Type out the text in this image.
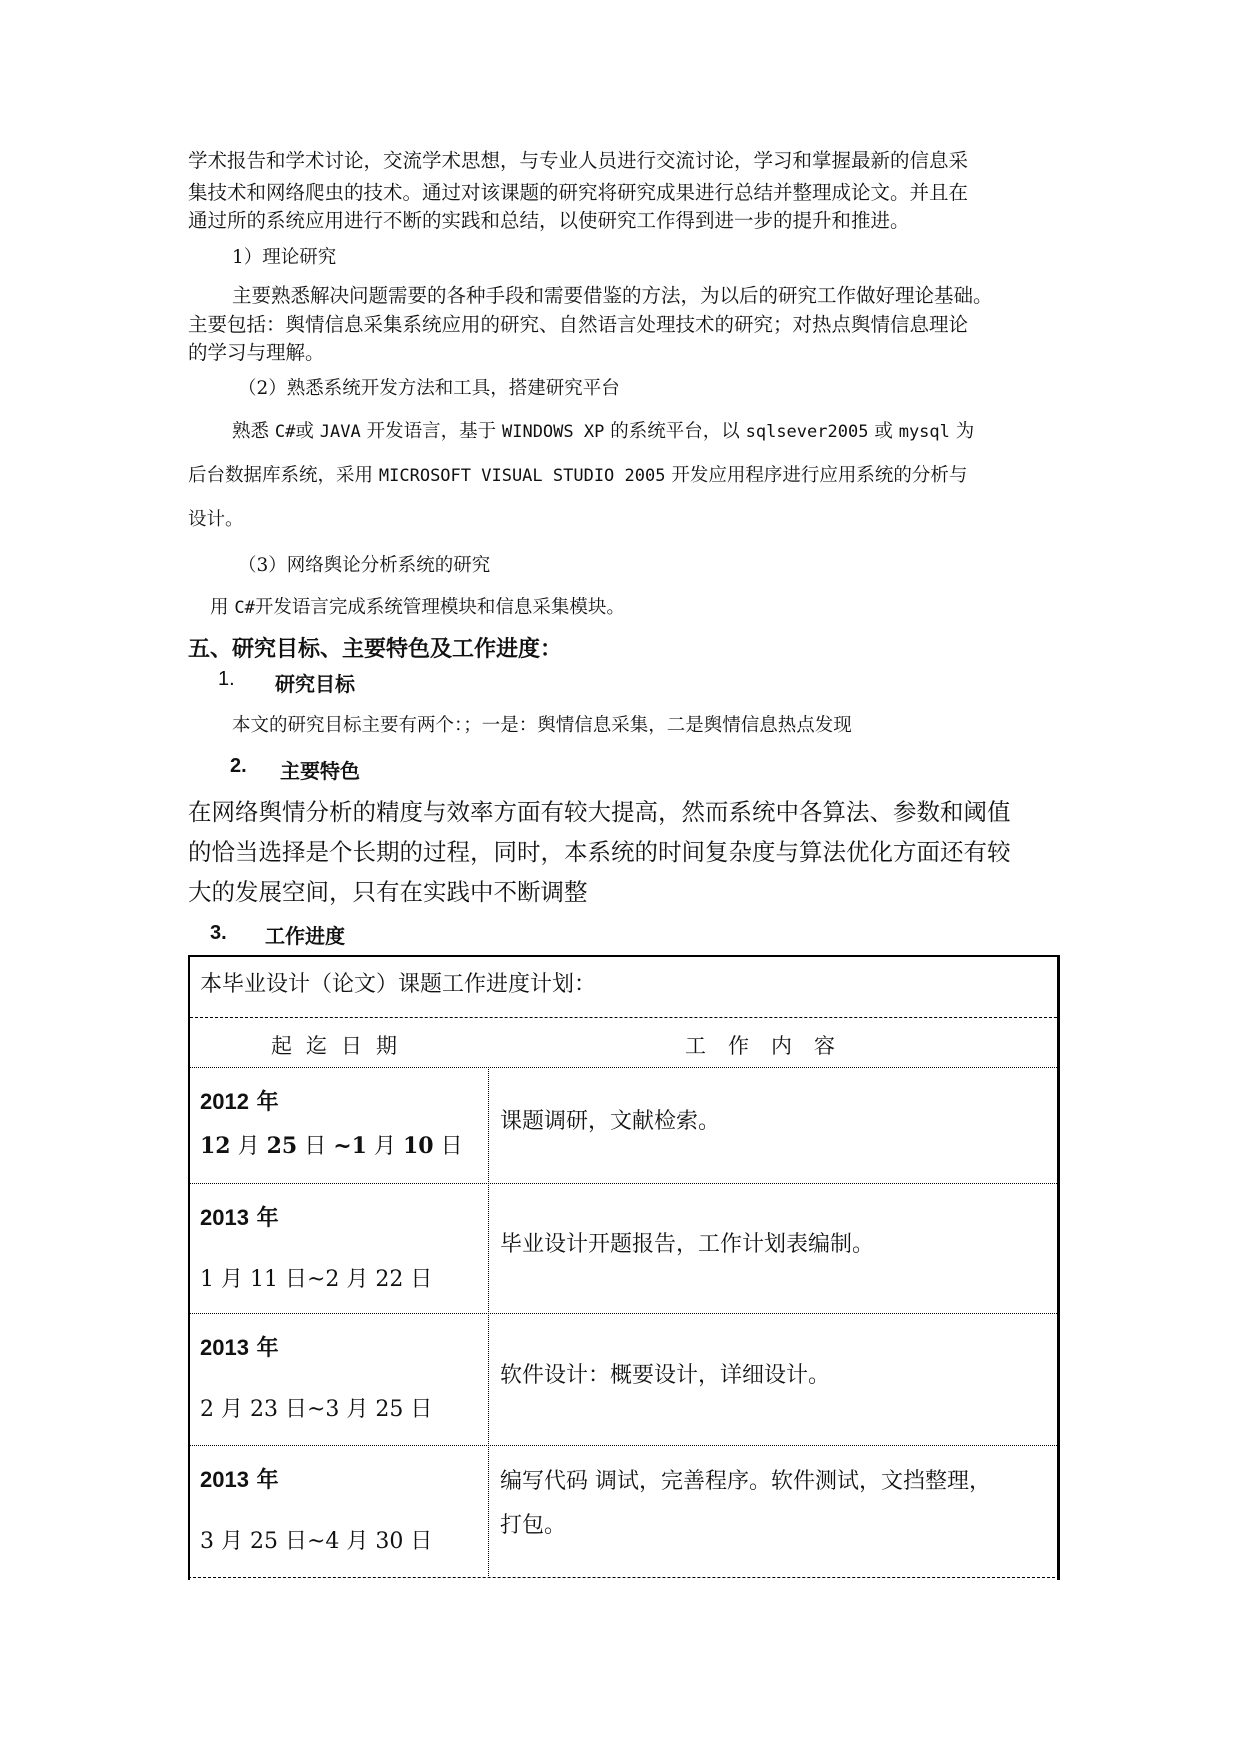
学术报告和学术讨论，交流学术思想，与专业人员进行交流讨论，学习和掌握最新的信息采
集技术和网络爬虫的技术。通过对该课题的研究将研究成果进行总结并整理成论文。并且在
通过所的系统应用进行不断的实践和总结，以使研究工作得到进一步的提升和推进。
1）理论研究
主要熟悉解决问题需要的各种手段和需要借鉴的方法，为以后的研究工作做好理论基础。
主要包括：舆情信息采集系统应用的研究、自然语言处理技术的研究；对热点舆情信息理论
的学习与理解。
（2）熟悉系统开发方法和工具，搭建研究平台
熟悉 C#或 JAVA 开发语言，基于 WINDOWS XP 的系统平台，以 sqlsever2005 或 mysql 为
后台数据库系统，采用 MICROSOFT VISUAL STUDIO 2005 开发应用程序进行应用系统的分析与
设计。
（3）网络舆论分析系统的研究
用 C#开发语言完成系统管理模块和信息采集模块。
五、研究目标、主要特色及工作进度：
1. 研究目标
本文的研究目标主要有两个：；一是：舆情信息采集，二是舆情信息热点发现
2. 主要特色
在网络舆情分析的精度与效率方面有较大提高，然而系统中各算法、参数和阈值
的恰当选择是个长期的过程，同时，本系统的时间复杂度与算法优化方面还有较
大的发展空间，只有在实践中不断调整
3. 工作进度
本毕业设计（论文）课题工作进度计划：
起迄日期	工作内容
2012 年
12 月 25 日 ~1 月 10 日
课题调研，文献检索。
2013 年
1 月 11 日~2 月 22 日
毕业设计开题报告，工作计划表编制。
2013 年
2 月 23 日~3 月 25 日
软件设计：概要设计，详细设计。
2013 年
3 月 25 日~4 月 30 日
编写代码 调试，完善程序。软件测试，文挡整理，
打包。
